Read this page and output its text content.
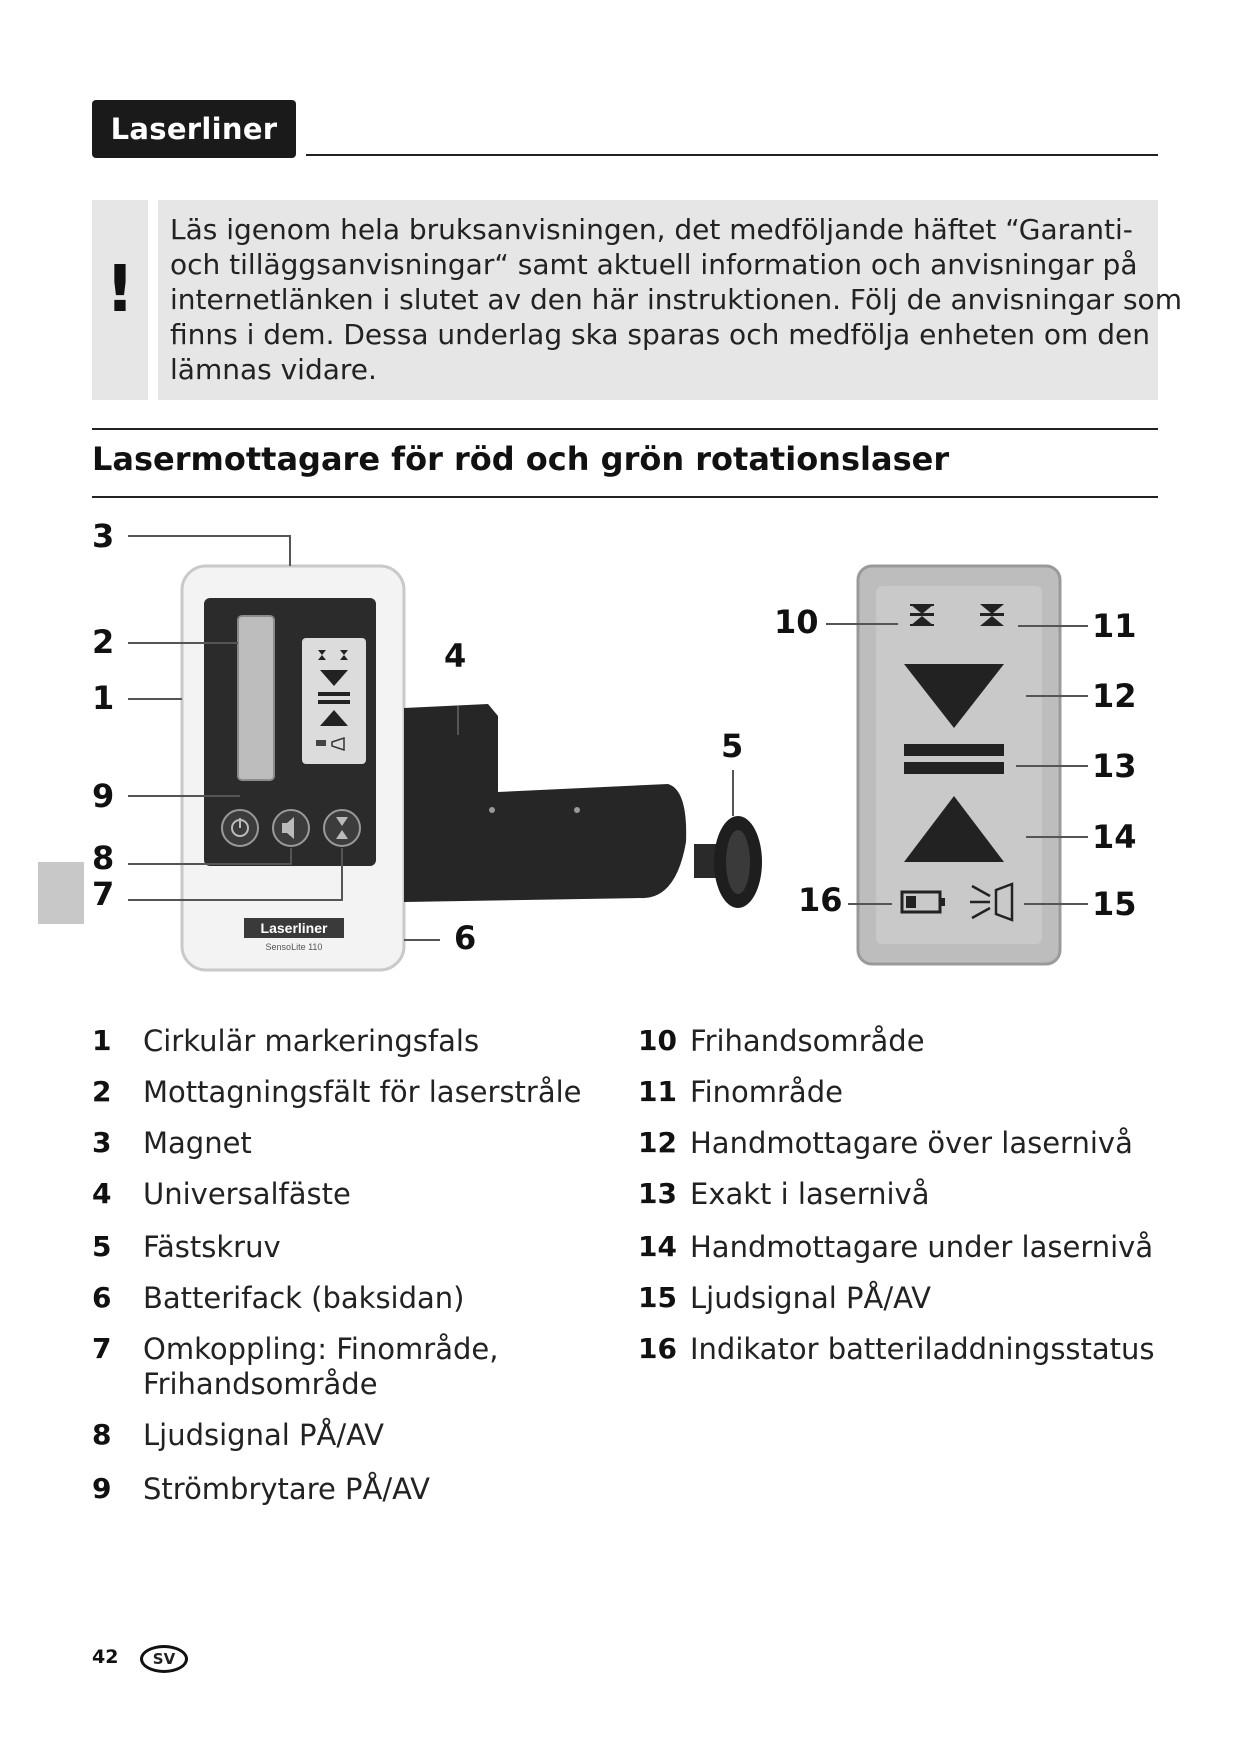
Laserliner
!
Läs igenom hela bruksanvisningen, det medföljande häftet “Garanti-
och tilläggsanvisningar“ samt aktuell information och anvisningar på
internetlänken i slutet av den här instruktionen. Följ de anvisningar som
finns i dem. Dessa underlag ska sparas och medfölja enheten om den
lämnas vidare.
Lasermottagare för röd och grön rotationslaser
Laserliner
SensoLite 110
3
2
1
9
8
7
4
5
6
10	11
12
13
14
15
16
1 Cirkulär markeringsfals
2 Mottagningsfält för laserstråle
3 Magnet
4 Universalfäste
5 Fästskruv
6 Batterifack (baksidan)
7 Omkoppling: Finområde,
Frihandsområde
8 Ljudsignal PÅ/AV
9 Strömbrytare PÅ/AV
10 Frihandsområde
11 Finområde
12 Handmottagare över lasernivå
13 Exakt i lasernivå
14 Handmottagare under lasernivå
15 Ljudsignal PÅ/AV
16 Indikator batteriladdningsstatus
42	SV
